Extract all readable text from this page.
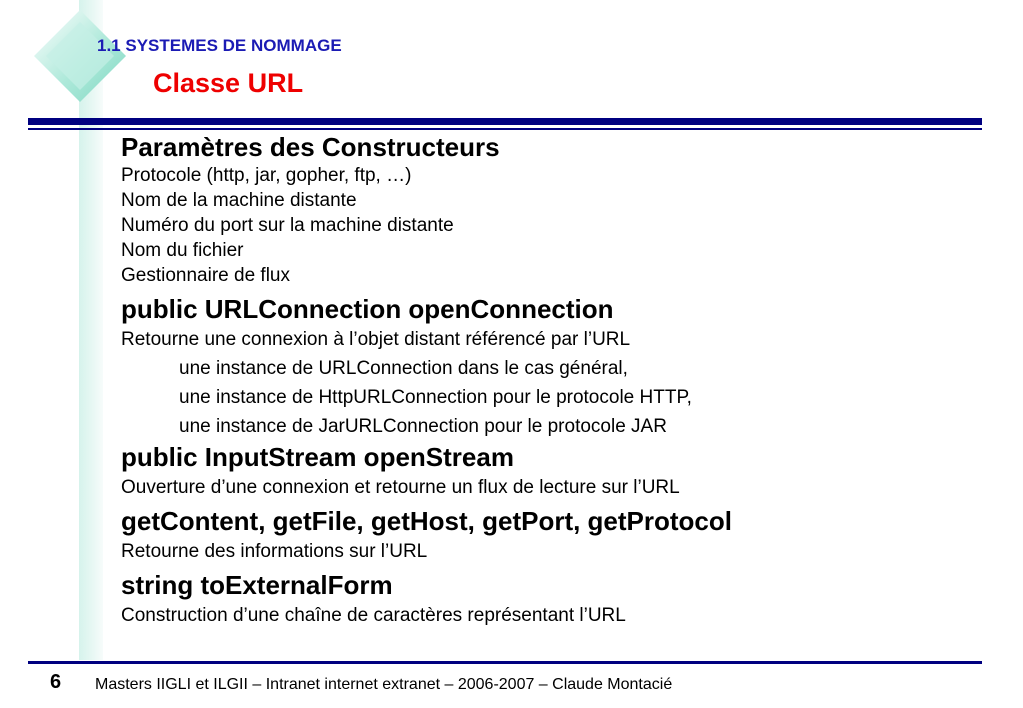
1.1 SYSTEMES DE NOMMAGE
Classe URL

Paramètres des Constructeurs

Protocole (http, jar, gopher, ftp, …)

Nom de la machine distante

Numéro du port sur la machine distante

Nom du fichier

Gestionnaire de flux

public URLConnection openConnection

Retourne une connexion à l’objet distant référencé par l’URL

une instance de URLConnection dans le cas général,

une instance de HttpURLConnection pour le protocole HTTP,

une instance de JarURLConnection pour le protocole JAR

public InputStream openStream

Ouverture d’une connexion et retourne un flux de lecture sur l’URL

getContent, getFile, getHost, getPort, getProtocol

Retourne des informations sur l’URL

string toExternalForm

Construction d’une chaîne de caractères représentant l’URL

6 Masters IIGLI et ILGII – Intranet internet extranet – 2006-2007 – Claude Montacié
